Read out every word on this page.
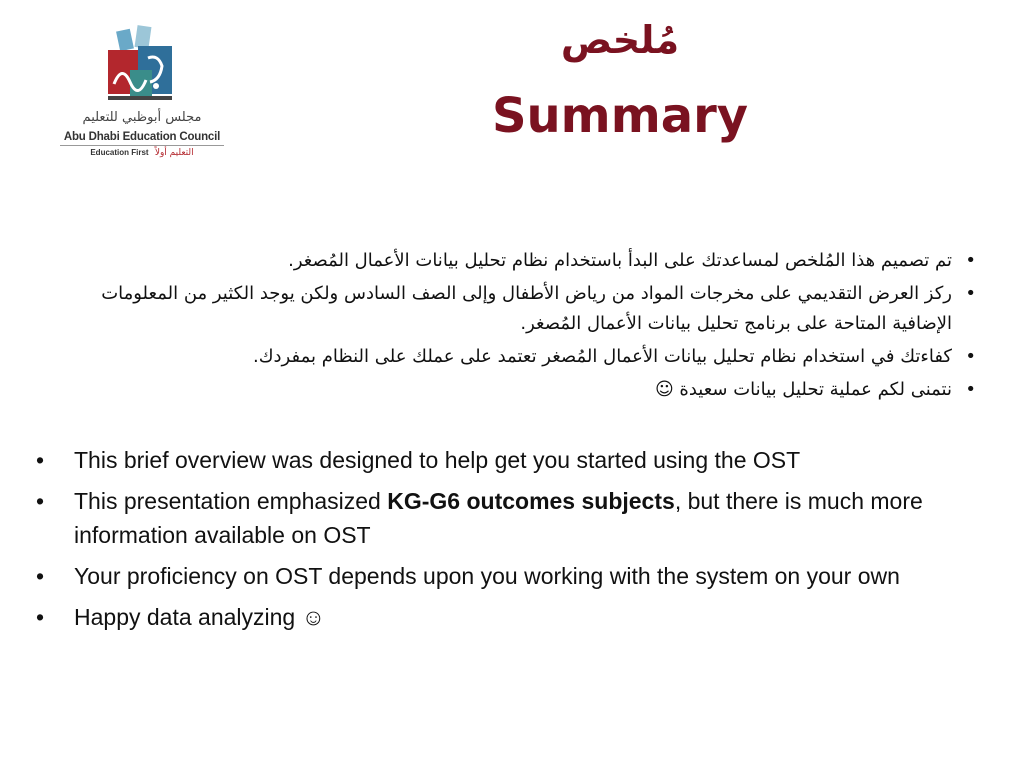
مجلس أبوظبي للتعليم
Abu Dhabi Education Council
Education First التعليم أولاً
مُلخص
Summary
•
تم تصميم هذا المُلخص لمساعدتك على البدأ باستخدام نظام تحليل بيانات الأعمال المُصغر.
•
ركز العرض التقديمي على مخرجات المواد من رياض الأطفال وإلى الصف السادس ولكن يوجد الكثير من المعلومات الإضافية المتاحة على برنامج تحليل بيانات الأعمال المُصغر.
•
كفاءتك في استخدام نظام تحليل بيانات الأعمال المُصغر تعتمد على عملك على النظام بمفردك.
•
نتمنى لكم عملية تحليل بيانات سعيدة ☺
• This brief overview was designed to help get you started using the OST
• This presentation emphasized KG-G6 outcomes subjects, but there is much more information available on OST
• Your proficiency on OST depends upon you working with the system on your own
• Happy data analyzing ☺
